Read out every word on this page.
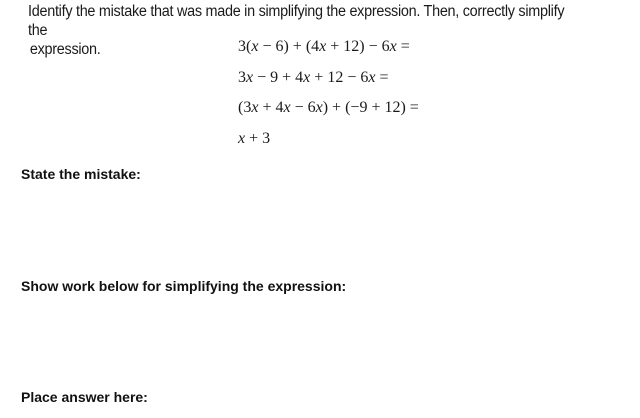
Identify the mistake that was made in simplifying the expression. Then, correctly simplify the
expression.	3(x − 6) + (4x + 12) − 6x =
3x − 9 + 4x + 12 − 6x =
(3x + 4x − 6x) + (−9 + 12) =
x + 3
State the mistake:
Show work below for simplifying the expression:
Place answer here:
